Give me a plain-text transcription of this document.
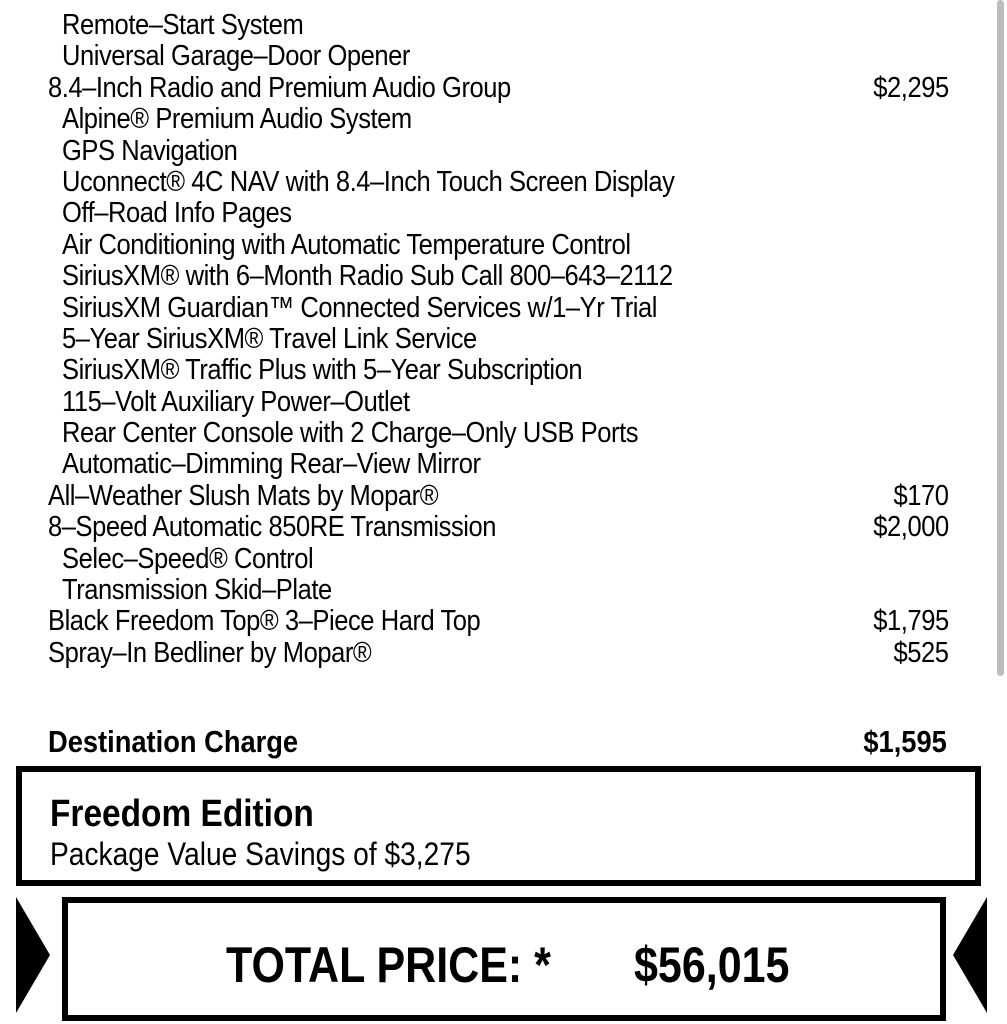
Remote–Start System
Universal Garage–Door Opener
8.4–Inch Radio and Premium Audio Group	$2,295
Alpine® Premium Audio System
GPS Navigation
Uconnect® 4C NAV with 8.4–Inch Touch Screen Display
Off–Road Info Pages
Air Conditioning with Automatic Temperature Control
SiriusXM® with 6–Month Radio Sub Call 800–643–2112
SiriusXM Guardian™ Connected Services w/1–Yr Trial
5–Year SiriusXM® Travel Link Service
SiriusXM® Traffic Plus with 5–Year Subscription
115–Volt Auxiliary Power–Outlet
Rear Center Console with 2 Charge–Only USB Ports
Automatic–Dimming Rear–View Mirror
All–Weather Slush Mats by Mopar®	$170
8–Speed Automatic 850RE Transmission	$2,000
Selec–Speed® Control
Transmission Skid–Plate
Black Freedom Top® 3–Piece Hard Top	$1,795
Spray–In Bedliner by Mopar®	$525
Destination Charge	$1,595
Freedom Edition
Package Value Savings of $3,275
TOTAL PRICE: * $56,015
